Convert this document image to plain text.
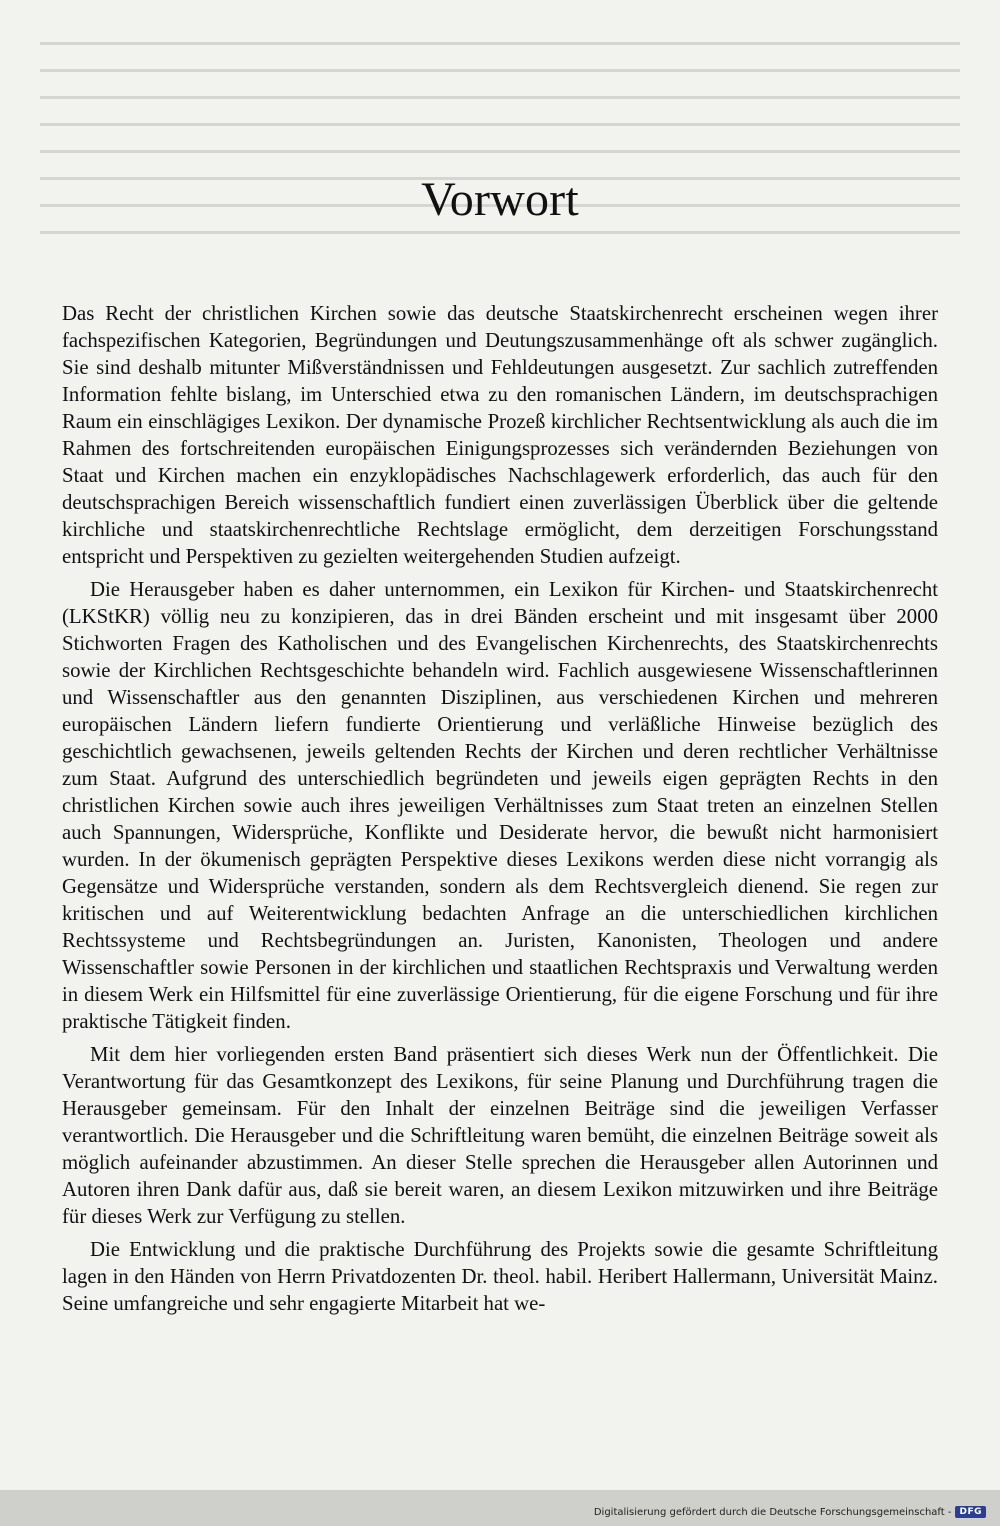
Vorwort

Das Recht der christlichen Kirchen sowie das deutsche Staatskirchenrecht erscheinen wegen ihrer fachspezifischen Kategorien, Begründungen und Deutungszusammenhänge oft als schwer zugänglich. Sie sind deshalb mitunter Mißverständnissen und Fehldeutungen ausgesetzt. Zur sachlich zutreffenden Information fehlte bislang, im Unterschied etwa zu den romanischen Ländern, im deutschsprachigen Raum ein einschlägiges Lexikon. Der dynamische Prozeß kirchlicher Rechtsentwicklung als auch die im Rahmen des fortschreitenden europäischen Einigungsprozesses sich verändernden Beziehungen von Staat und Kirchen machen ein enzyklopädisches Nachschlagewerk erforderlich, das auch für den deutschsprachigen Bereich wissenschaftlich fundiert einen zuverlässigen Überblick über die geltende kirchliche und staatskirchenrechtliche Rechtslage ermöglicht, dem derzeitigen Forschungsstand entspricht und Perspektiven zu gezielten weitergehenden Studien aufzeigt.

Die Herausgeber haben es daher unternommen, ein Lexikon für Kirchen- und Staatskirchenrecht (LKStKR) völlig neu zu konzipieren, das in drei Bänden erscheint und mit insgesamt über 2000 Stichworten Fragen des Katholischen und des Evangelischen Kirchenrechts, des Staatskirchenrechts sowie der Kirchlichen Rechtsgeschichte behandeln wird. Fachlich ausgewiesene Wissenschaftlerinnen und Wissenschaftler aus den genannten Disziplinen, aus verschiedenen Kirchen und mehreren europäischen Ländern liefern fundierte Orientierung und verläßliche Hinweise bezüglich des geschichtlich gewachsenen, jeweils geltenden Rechts der Kirchen und deren rechtlicher Verhältnisse zum Staat. Aufgrund des unterschiedlich begründeten und jeweils eigen geprägten Rechts in den christlichen Kirchen sowie auch ihres jeweiligen Verhältnisses zum Staat treten an einzelnen Stellen auch Spannungen, Widersprüche, Konflikte und Desiderate hervor, die bewußt nicht harmonisiert wurden. In der ökumenisch geprägten Perspektive dieses Lexikons werden diese nicht vorrangig als Gegensätze und Widersprüche verstanden, sondern als dem Rechtsvergleich dienend. Sie regen zur kritischen und auf Weiterentwicklung bedachten Anfrage an die unterschiedlichen kirchlichen Rechtssysteme und Rechtsbegründungen an. Juristen, Kanonisten, Theologen und andere Wissenschaftler sowie Personen in der kirchlichen und staatlichen Rechtspraxis und Verwaltung werden in diesem Werk ein Hilfsmittel für eine zuverlässige Orientierung, für die eigene Forschung und für ihre praktische Tätigkeit finden.

Mit dem hier vorliegenden ersten Band präsentiert sich dieses Werk nun der Öffentlichkeit. Die Verantwortung für das Gesamtkonzept des Lexikons, für seine Planung und Durchführung tragen die Herausgeber gemeinsam. Für den Inhalt der einzelnen Beiträge sind die jeweiligen Verfasser verantwortlich. Die Herausgeber und die Schriftleitung waren bemüht, die einzelnen Beiträge soweit als möglich aufeinander abzustimmen. An dieser Stelle sprechen die Herausgeber allen Autorinnen und Autoren ihren Dank dafür aus, daß sie bereit waren, an diesem Lexikon mitzuwirken und ihre Beiträge für dieses Werk zur Verfügung zu stellen.

Die Entwicklung und die praktische Durchführung des Projekts sowie die gesamte Schriftleitung lagen in den Händen von Herrn Privatdozenten Dr. theol. habil. Heribert Hallermann, Universität Mainz. Seine umfangreiche und sehr engagierte Mitarbeit hat we-

Digitalisierung gefördert durch die Deutsche Forschungsgemeinschaft - DFG
